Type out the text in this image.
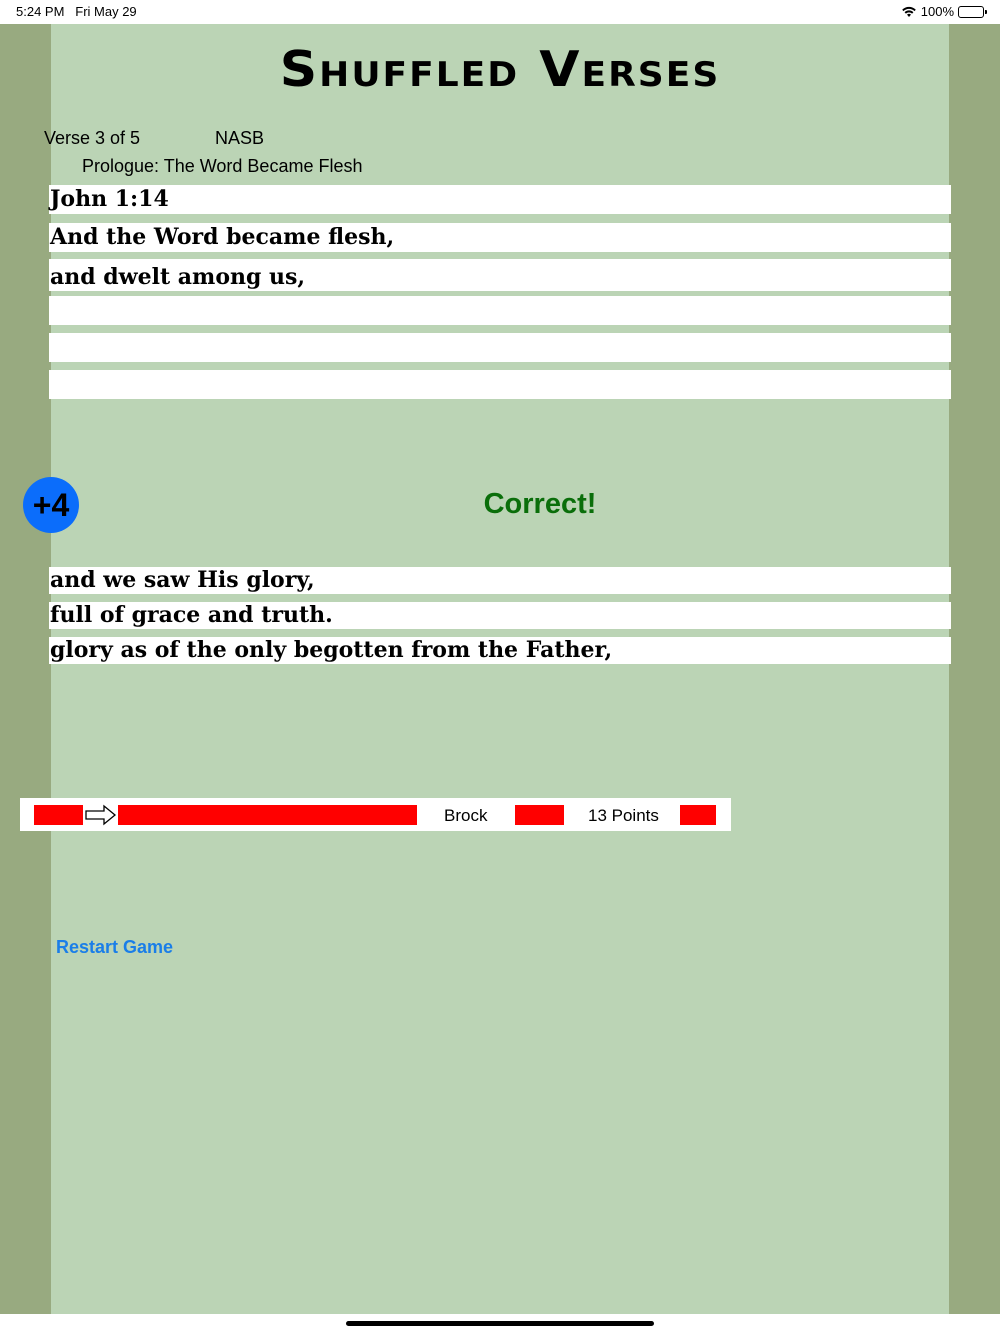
5:24 PM Fri May 29	100%
Shuffled Verses
Verse 3 of 5	NASB
Prologue: The Word Became Flesh
John 1:14
And the Word became flesh,
and dwelt among us,
+4	Correct!
and we saw His glory,
full of grace and truth.
glory as of the only begotten from the Father,
Brock	13 Points
Restart Game
